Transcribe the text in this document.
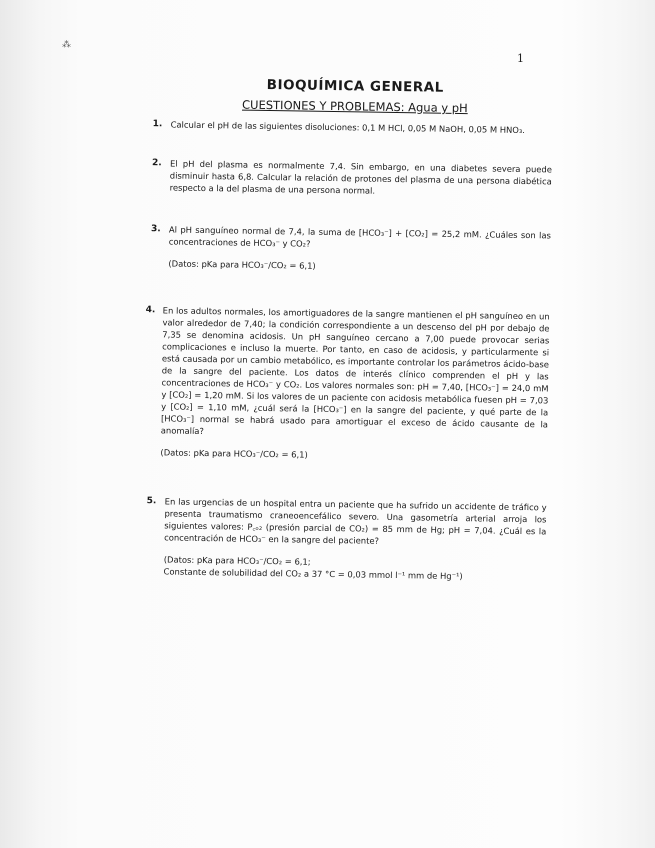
⁂
1
BIOQUÍMICA GENERAL
CUESTIONES Y PROBLEMAS: Agua y pH
1. Calcular el pH de las siguientes disoluciones: 0,1 M HCl, 0,05 M NaOH, 0,05 M HNO₃.
2. El pH del plasma es normalmente 7,4. Sin embargo, en una diabetes severa puede disminuir hasta 6,8. Calcular la relación de protones del plasma de una persona diabética respecto a la del plasma de una persona normal.
3. Al pH sanguíneo normal de 7,4, la suma de [HCO₃⁻] + [CO₂] = 25,2 mM. ¿Cuáles son las concentraciones de HCO₃⁻ y CO₂?
(Datos: pKa para HCO₃⁻/CO₂ = 6,1)
4. En los adultos normales, los amortiguadores de la sangre mantienen el pH sanguíneo en un valor alrededor de 7,40; la condición correspondiente a un descenso del pH por debajo de 7,35 se denomina acidosis. Un pH sanguíneo cercano a 7,00 puede provocar serias complicaciones e incluso la muerte. Por tanto, en caso de acidosis, y particularmente si está causada por un cambio metabólico, es importante controlar los parámetros ácido-base de la sangre del paciente. Los datos de interés clínico comprenden el pH y las concentraciones de HCO₃⁻ y CO₂. Los valores normales son: pH = 7,40, [HCO₃⁻] = 24,0 mM y [CO₂] = 1,20 mM. Si los valores de un paciente con acidosis metabólica fuesen pH = 7,03 y [CO₂] = 1,10 mM, ¿cuál será la [HCO₃⁻] en la sangre del paciente, y qué parte de la [HCO₃⁻] normal se habrá usado para amortiguar el exceso de ácido causante de la anomalía?
(Datos: pKa para HCO₃⁻/CO₂ = 6,1)
5. En las urgencias de un hospital entra un paciente que ha sufrido un accidente de tráfico y presenta traumatismo craneoencefálico severo. Una gasometría arterial arroja los siguientes valores: P꜀ₒ₂ (presión parcial de CO₂) = 85 mm de Hg; pH = 7,04. ¿Cuál es la concentración de HCO₃⁻ en la sangre del paciente?
(Datos: pKa para HCO₃⁻/CO₂ = 6,1;
Constante de solubilidad del CO₂ a 37 °C = 0,03 mmol l⁻¹ mm de Hg⁻¹)
